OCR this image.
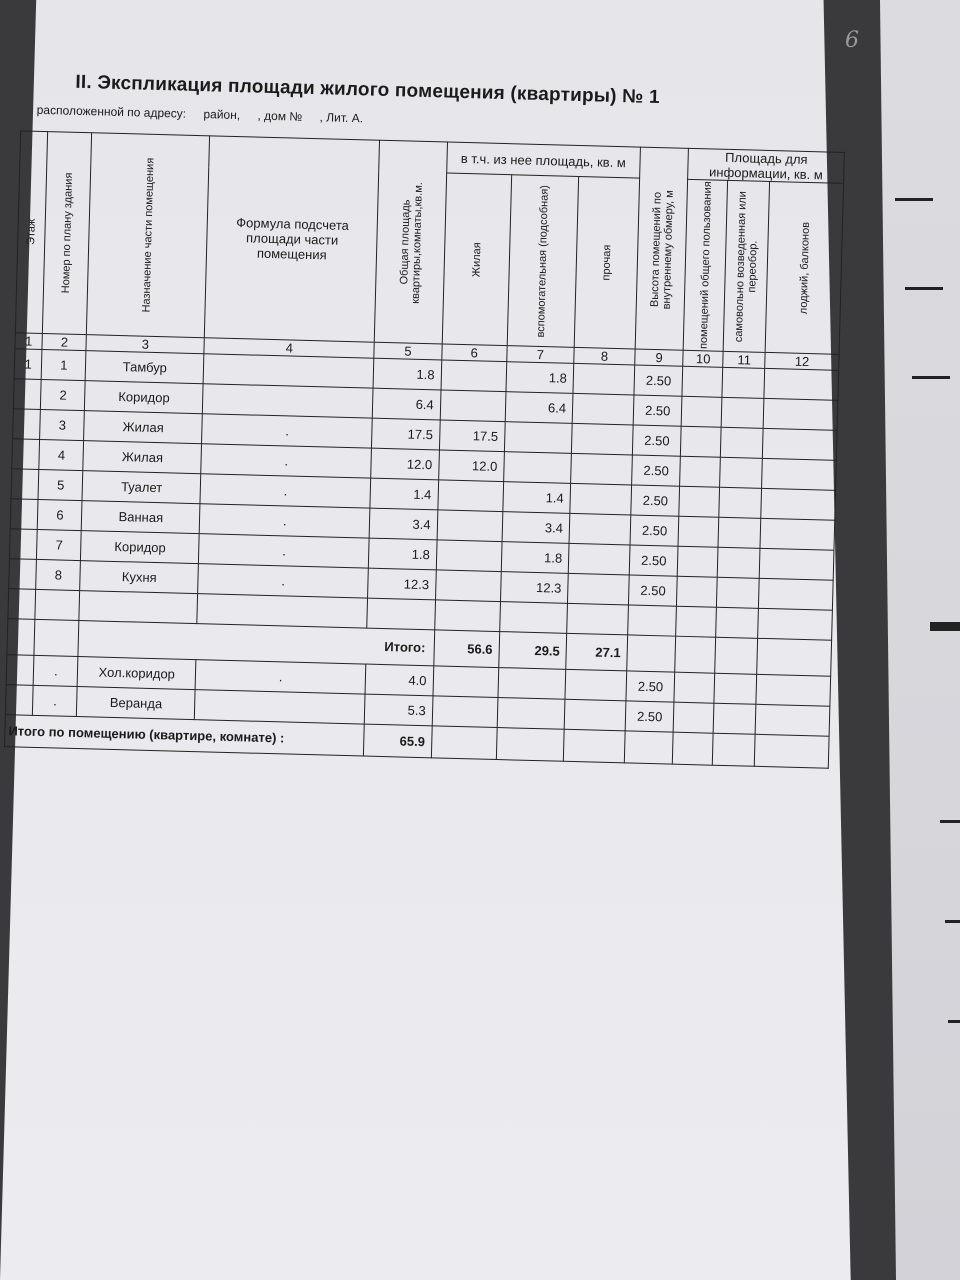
6
II. Экспликация площади жилого помещения (квартиры) № 1
расположенной по адресу: район, , дом № , Лит. А.
Этаж	Номер по плану здания	Назначение части помещения	Формула подсчета площади части помещения	Общая площадь квартиры,комнаты,кв.м.	в т.ч. из нее площадь, кв. м			Высота помещений по внутреннему обмеру, м	Площадь для информации, кв. м		

					Жилая	вспомогательная (подсобная)	прочая		помещений общего пользования	самовольно возведенная или переобор.	лоджий, балконов

1	2	3	4	5	6	7	8	9	10	11	12
1	1	Тамбур		1.8		1.8		2.50			
	2	Коридор		6.4		6.4		2.50			
	3	Жилая	.	17.5	17.5			2.50			
	4	Жилая	.	12.0	12.0			2.50			
	5	Туалет	.	1.4		1.4		2.50			
	6	Ванная	.	3.4		3.4		2.50			
	7	Коридор	.	1.8		1.8		2.50			
	8	Кухня	.	12.3		12.3		2.50			

		Итого:			56.6	29.5	27.1				
	.	Хол.коридор	.	4.0				2.50			
	.	Веранда		5.3				2.50			
Итого по помещению (квартире, комнате) :				65.9							
